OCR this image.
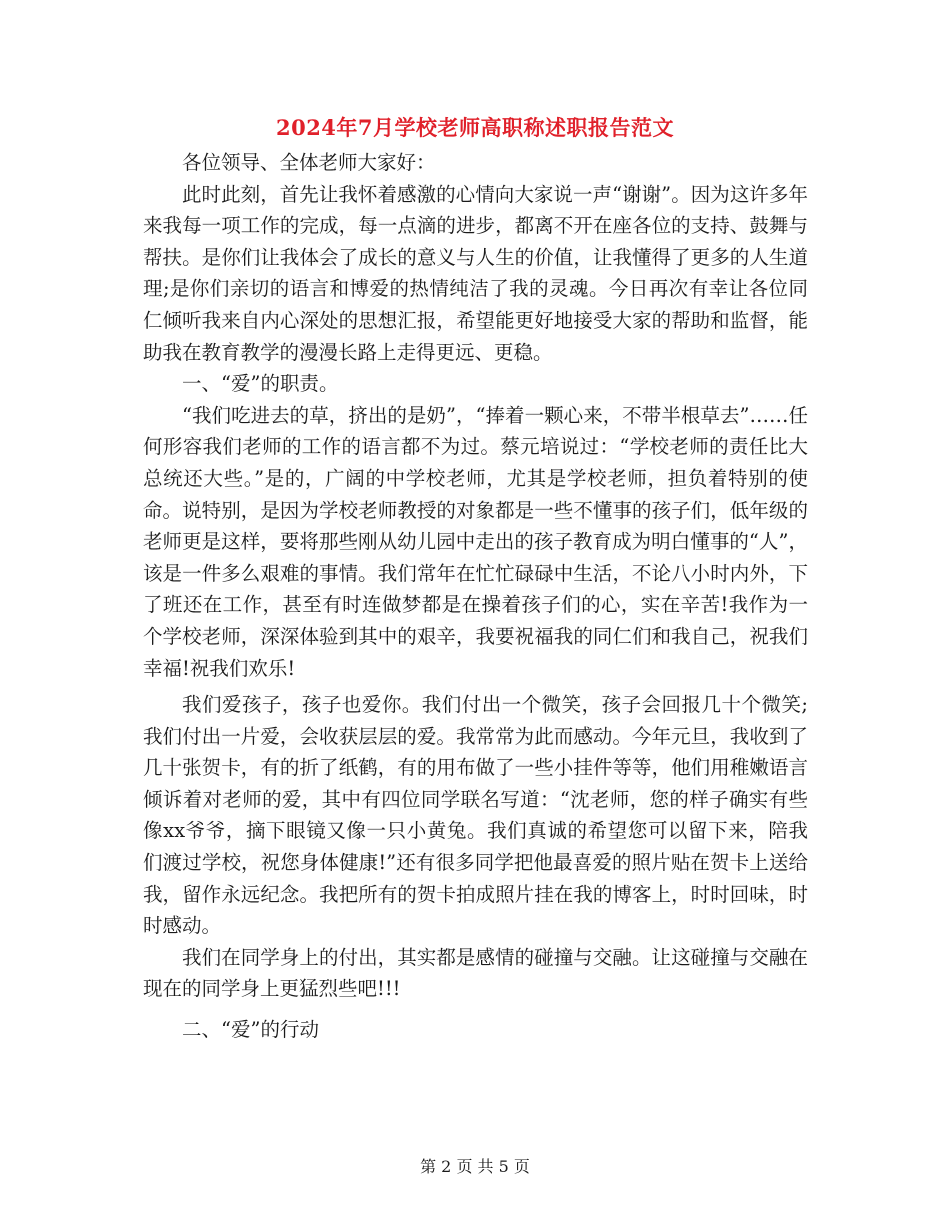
2024年7月学校老师高职称述职报告范文

各位领导、全体老师大家好：

此时此刻，首先让我怀着感激的心情向大家说一声“谢谢”。因为这许多年来我每一项工作的完成，每一点滴的进步，都离不开在座各位的支持、鼓舞与帮扶。是你们让我体会了成长的意义与人生的价值，让我懂得了更多的人生道理;是你们亲切的语言和博爱的热情纯洁了我的灵魂。今日再次有幸让各位同仁倾听我来自内心深处的思想汇报，希望能更好地接受大家的帮助和监督，能助我在教育教学的漫漫长路上走得更远、更稳。

一、“爱”的职责。

“我们吃进去的草，挤出的是奶”，“捧着一颗心来，不带半根草去”……任何形容我们老师的工作的语言都不为过。蔡元培说过：“学校老师的责任比大总统还大些。”是的，广阔的中学校老师，尤其是学校老师，担负着特别的使命。说特别，是因为学校老师教授的对象都是一些不懂事的孩子们，低年级的老师更是这样，要将那些刚从幼儿园中走出的孩子教育成为明白懂事的“人”，该是一件多么艰难的事情。我们常年在忙忙碌碌中生活，不论八小时内外，下了班还在工作，甚至有时连做梦都是在操着孩子们的心，实在辛苦!我作为一个学校老师，深深体验到其中的艰辛，我要祝福我的同仁们和我自己，祝我们幸福!祝我们欢乐!

我们爱孩子，孩子也爱你。我们付出一个微笑，孩子会回报几十个微笑;我们付出一片爱，会收获层层的爱。我常常为此而感动。今年元旦，我收到了几十张贺卡，有的折了纸鹤，有的用布做了一些小挂件等等，他们用稚嫩语言倾诉着对老师的爱，其中有四位同学联名写道：“沈老师，您的样子确实有些像xx爷爷，摘下眼镜又像一只小黄兔。我们真诚的希望您可以留下来，陪我们渡过学校，祝您身体健康!”还有很多同学把他最喜爱的照片贴在贺卡上送给我，留作永远纪念。我把所有的贺卡拍成照片挂在我的博客上，时时回味，时时感动。

我们在同学身上的付出，其实都是感情的碰撞与交融。让这碰撞与交融在现在的同学身上更猛烈些吧!!!

二、“爱”的行动

第 2 页 共 5 页
